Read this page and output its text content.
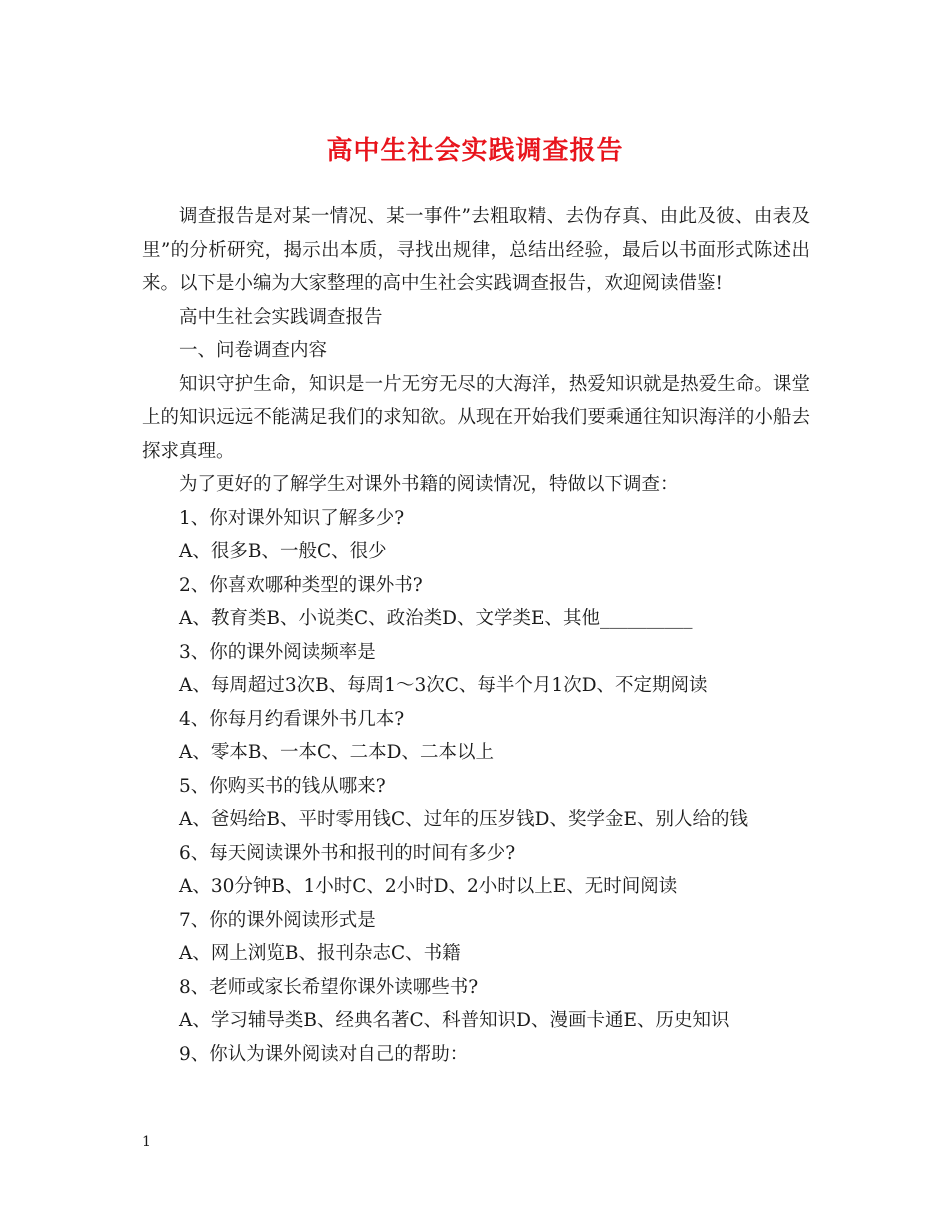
高中生社会实践调查报告

调查报告是对某一情况、某一事件”去粗取精、去伪存真、由此及彼、由表及里”的分析研究，揭示出本质，寻找出规律，总结出经验，最后以书面形式陈述出来。以下是小编为大家整理的高中生社会实践调查报告，欢迎阅读借鉴!

高中生社会实践调查报告

一、问卷调查内容

知识守护生命，知识是一片无穷无尽的大海洋，热爱知识就是热爱生命。课堂上的知识远远不能满足我们的求知欲。从现在开始我们要乘通往知识海洋的小船去探求真理。

为了更好的了解学生对课外书籍的阅读情况，特做以下调查：

1、你对课外知识了解多少?

A、很多B、一般C、很少

2、你喜欢哪种类型的课外书?

A、教育类B、小说类C、政治类D、文学类E、其他__________

3、你的课外阅读频率是

A、每周超过3次B、每周1～3次C、每半个月1次D、不定期阅读

4、你每月约看课外书几本?

A、零本B、一本C、二本D、二本以上

5、你购买书的钱从哪来?

A、爸妈给B、平时零用钱C、过年的压岁钱D、奖学金E、别人给的钱

6、每天阅读课外书和报刊的时间有多少?

A、30分钟B、1小时C、2小时D、2小时以上E、无时间阅读

7、你的课外阅读形式是

A、网上浏览B、报刊杂志C、书籍

8、老师或家长希望你课外读哪些书?

A、学习辅导类B、经典名著C、科普知识D、漫画卡通E、历史知识

9、你认为课外阅读对自己的帮助：

1
